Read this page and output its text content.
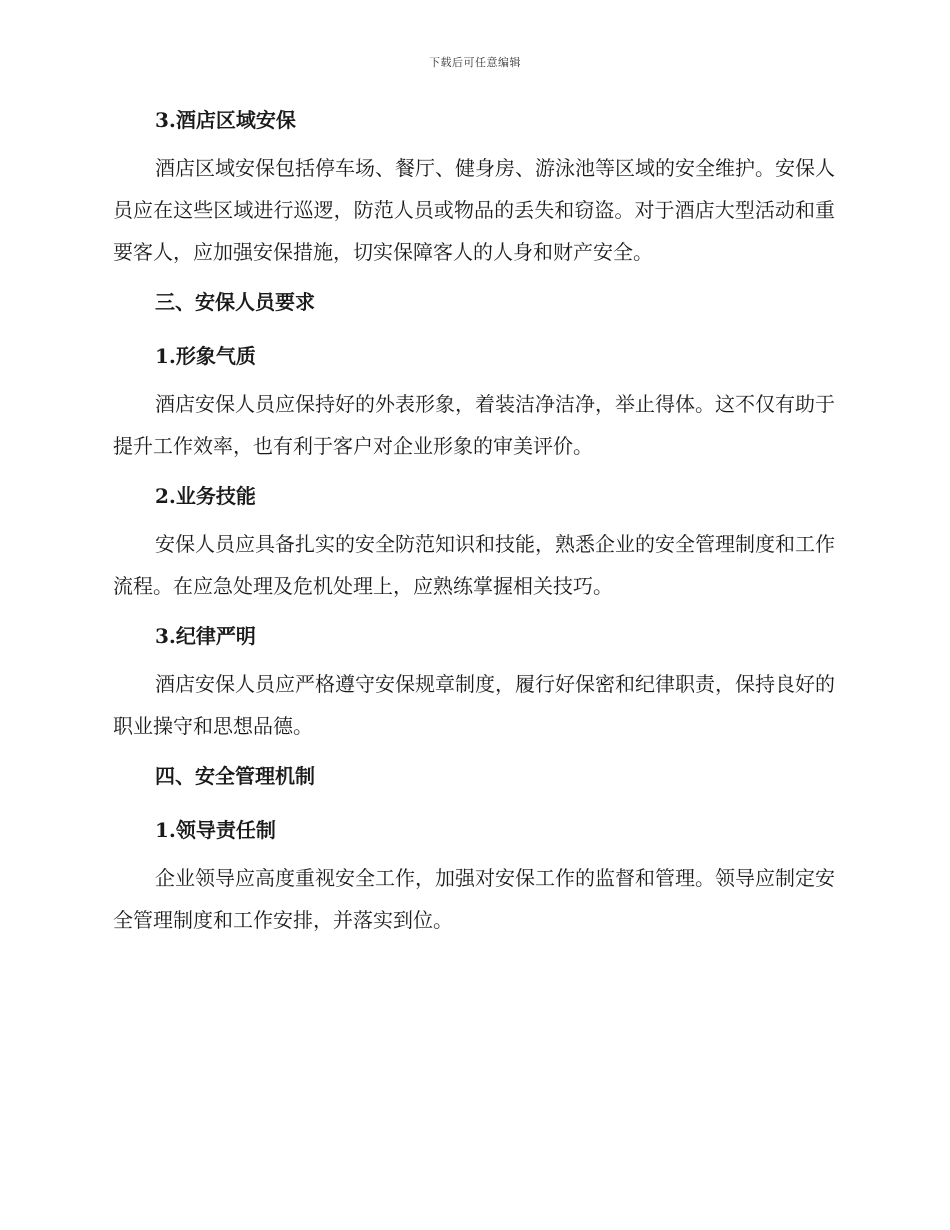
下载后可任意编辑

3.酒店区域安保

酒店区域安保包括停车场、餐厅、健身房、游泳池等区域的安全维护。安保人员应在这些区域进行巡逻，防范人员或物品的丢失和窃盗。对于酒店大型活动和重要客人，应加强安保措施，切实保障客人的人身和财产安全。

三、安保人员要求

1.形象气质

酒店安保人员应保持好的外表形象，着装洁净洁净，举止得体。这不仅有助于提升工作效率，也有利于客户对企业形象的审美评价。

2.业务技能

安保人员应具备扎实的安全防范知识和技能，熟悉企业的安全管理制度和工作流程。在应急处理及危机处理上，应熟练掌握相关技巧。

3.纪律严明

酒店安保人员应严格遵守安保规章制度，履行好保密和纪律职责，保持良好的职业操守和思想品德。

四、安全管理机制

1.领导责任制

企业领导应高度重视安全工作，加强对安保工作的监督和管理。领导应制定安全管理制度和工作安排，并落实到位。
